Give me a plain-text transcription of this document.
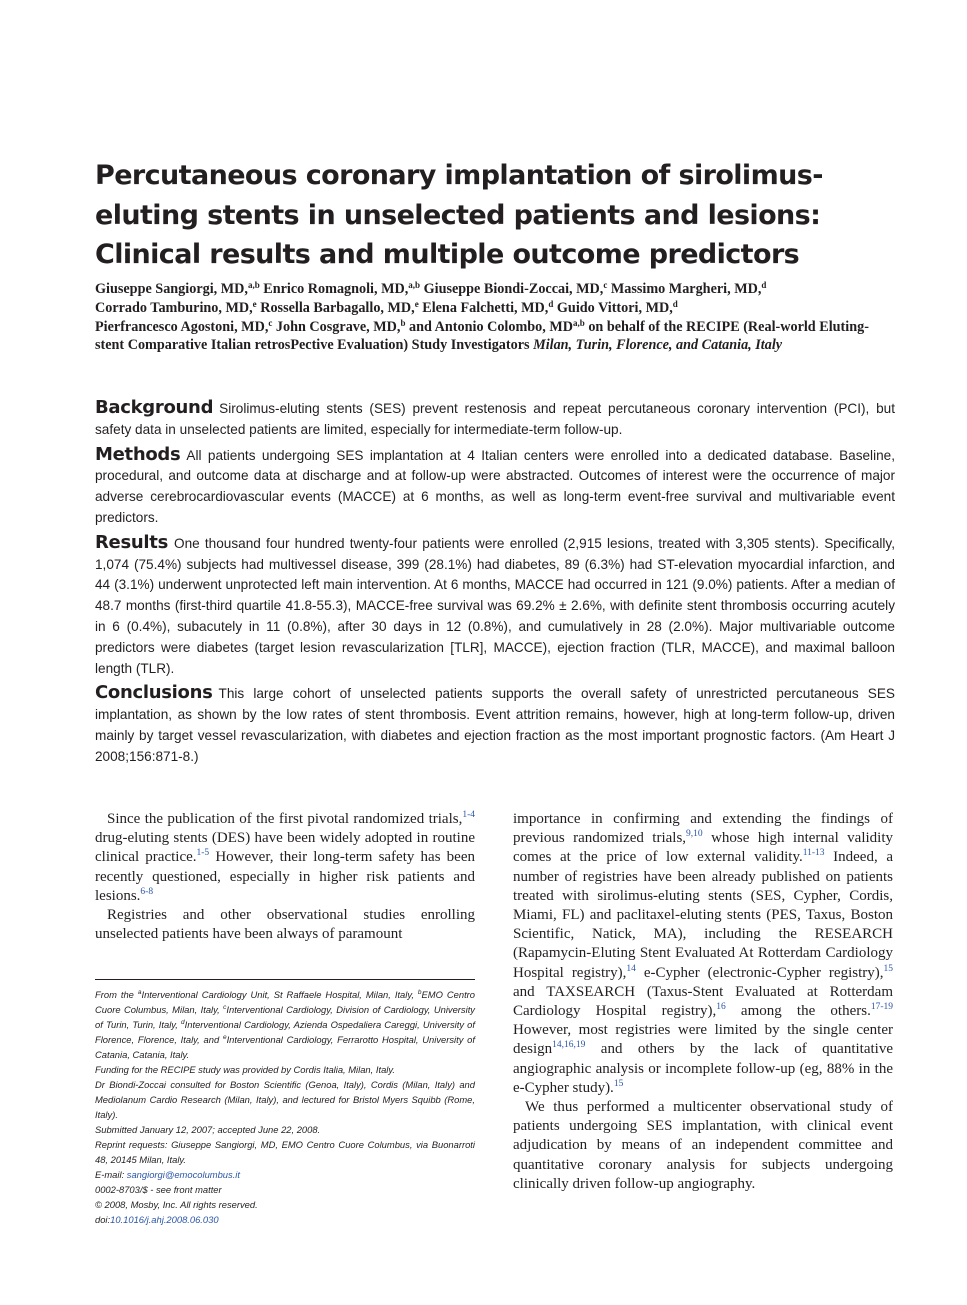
Percutaneous coronary implantation of sirolimus-eluting stents in unselected patients and lesions: Clinical results and multiple outcome predictors
Giuseppe Sangiorgi, MD,$^{a,b}$ Enrico Romagnoli, MD,$^{a,b}$ Giuseppe Biondi-Zoccai, MD,$^c$ Massimo Margheri, MD,$^d$
Corrado Tamburino, MD,$^e$ Rossella Barbagallo, MD,$^e$ Elena Falchetti, MD,$^d$ Guido Vittori, MD,$^d$
Pierfrancesco Agostoni, MD,$^c$ John Cosgrave, MD,$^b$ and Antonio Colombo, MD$^{a,b}$ on behalf of the RECIPE (Real-world Eluting-stent Comparative Italian retrosPective Evaluation) Study Investigators Milan, Turin, Florence, and Catania, Italy

Background Sirolimus-eluting stents (SES) prevent restenosis and repeat percutaneous coronary intervention (PCI), but safety data in unselected patients are limited, especially for intermediate-term follow-up.

Methods All patients undergoing SES implantation at 4 Italian centers were enrolled into a dedicated database. Baseline, procedural, and outcome data at discharge and at follow-up were abstracted. Outcomes of interest were the occurrence of major adverse cerebrocardiovascular events (MACCE) at 6 months, as well as long-term event-free survival and multivariable event predictors.

Results One thousand four hundred twenty-four patients were enrolled (2,915 lesions, treated with 3,305 stents). Specifically, 1,074 (75.4%) subjects had multivessel disease, 399 (28.1%) had diabetes, 89 (6.3%) had ST-elevation myocardial infarction, and 44 (3.1%) underwent unprotected left main intervention. At 6 months, MACCE had occurred in 121 (9.0%) patients. After a median of 48.7 months (first-third quartile 41.8-55.3), MACCE-free survival was 69.2% ± 2.6%, with definite stent thrombosis occurring acutely in 6 (0.4%), subacutely in 11 (0.8%), after 30 days in 12 (0.8%), and cumulatively in 28 (2.0%). Major multivariable outcome predictors were diabetes (target lesion revascularization [TLR], MACCE), ejection fraction (TLR, MACCE), and maximal balloon length (TLR).

Conclusions This large cohort of unselected patients supports the overall safety of unrestricted percutaneous SES implantation, as shown by the low rates of stent thrombosis. Event attrition remains, however, high at long-term follow-up, driven mainly by target vessel revascularization, with diabetes and ejection fraction as the most important prognostic factors. (Am Heart J 2008;156:871-8.)

Since the publication of the first pivotal randomized trials,$^{1-4}$ drug-eluting stents (DES) have been widely adopted in routine clinical practice.$^{1-5}$ However, their long-term safety has been recently questioned, especially in higher risk patients and lesions.$^{6-8}$

Registries and other observational studies enrolling unselected patients have been always of paramount

From the $^a$Interventional Cardiology Unit, St Raffaele Hospital, Milan, Italy, $^b$EMO Centro Cuore Columbus, Milan, Italy, $^c$Interventional Cardiology, Division of Cardiology, University of Turin, Turin, Italy, $^d$Interventional Cardiology, Azienda Ospedaliera Careggi, University of Florence, Florence, Italy, and $^e$Interventional Cardiology, Ferrarotto Hospital, University of Catania, Catania, Italy.

Funding for the RECIPE study was provided by Cordis Italia, Milan, Italy.

Dr Biondi-Zoccai consulted for Boston Scientific (Genoa, Italy), Cordis (Milan, Italy) and Mediolanum Cardio Research (Milan, Italy), and lectured for Bristol Myers Squibb (Rome, Italy).

Submitted January 12, 2007; accepted June 22, 2008.

Reprint requests: Giuseppe Sangiorgi, MD, EMO Centro Cuore Columbus, via Buonarroti 48, 20145 Milan, Italy.

E-mail: sangiorgi@emocolumbus.it

0002-8703/$ - see front matter

© 2008, Mosby, Inc. All rights reserved.

doi:10.1016/j.ahj.2008.06.030

importance in confirming and extending the findings of previous randomized trials,$^{9,10}$ whose high internal validity comes at the price of low external validity.$^{11-13}$ Indeed, a number of registries have been already published on patients treated with sirolimus-eluting stents (SES, Cypher, Cordis, Miami, FL) and paclitaxel-eluting stents (PES, Taxus, Boston Scientific, Natick, MA), including the RESEARCH (Rapamycin-Eluting Stent Evaluated At Rotterdam Cardiology Hospital registry),$^{14}$ e-Cypher (electronic-Cypher registry),$^{15}$ and TAXSEARCH (Taxus-Stent Evaluated at Rotterdam Cardiology Hospital registry),$^{16}$ among the others.$^{17-19}$ However, most registries were limited by the single center design$^{14,16,19}$ and others by the lack of quantitative angiographic analysis or incomplete follow-up (eg, 88% in the e-Cypher study).$^{15}$

We thus performed a multicenter observational study of patients undergoing SES implantation, with clinical event adjudication by means of an independent committee and quantitative coronary analysis for subjects undergoing clinically driven follow-up angiography.
